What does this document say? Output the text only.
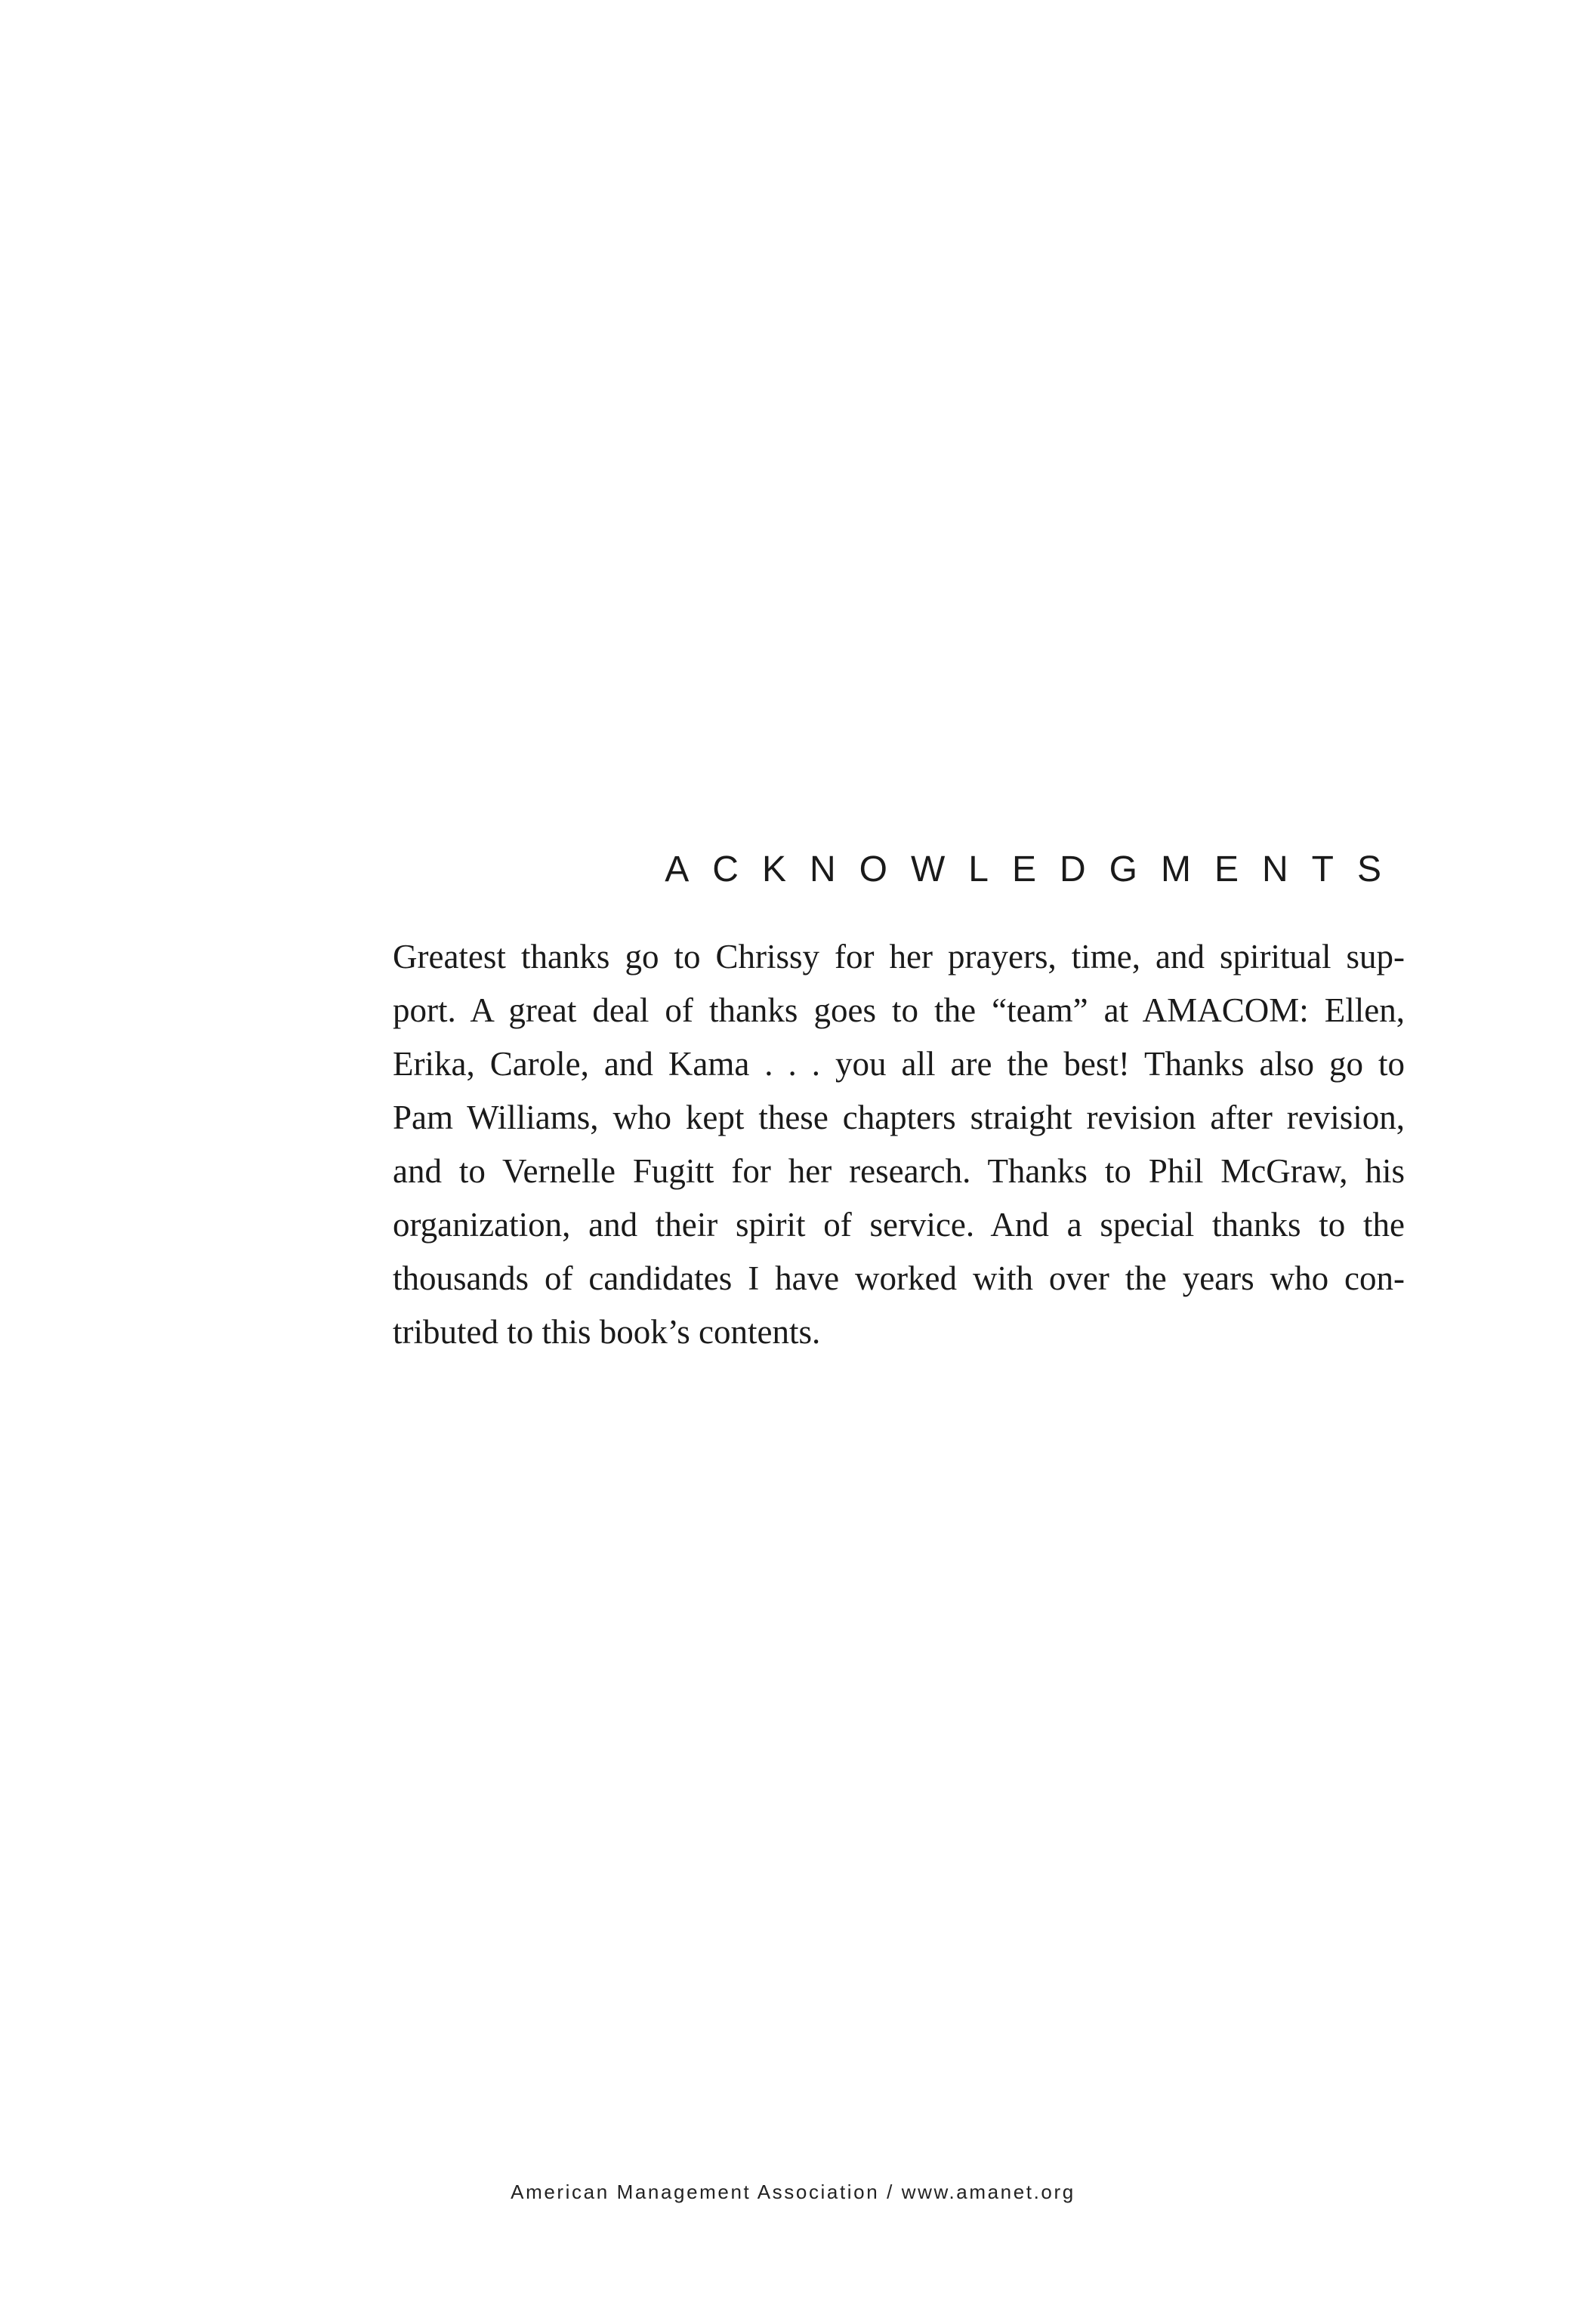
ACKNOWLEDGMENTS
Greatest thanks go to Chrissy for her prayers, time, and spiritual sup-
port. A great deal of thanks goes to the “team” at AMACOM: Ellen,
Erika, Carole, and Kama . . . you all are the best! Thanks also go to
Pam Williams, who kept these chapters straight revision after revision,
and to Vernelle Fugitt for her research. Thanks to Phil McGraw, his
organization, and their spirit of service. And a special thanks to the
thousands of candidates I have worked with over the years who con-
tributed to this book’s contents.
American Management Association / www.amanet.org
